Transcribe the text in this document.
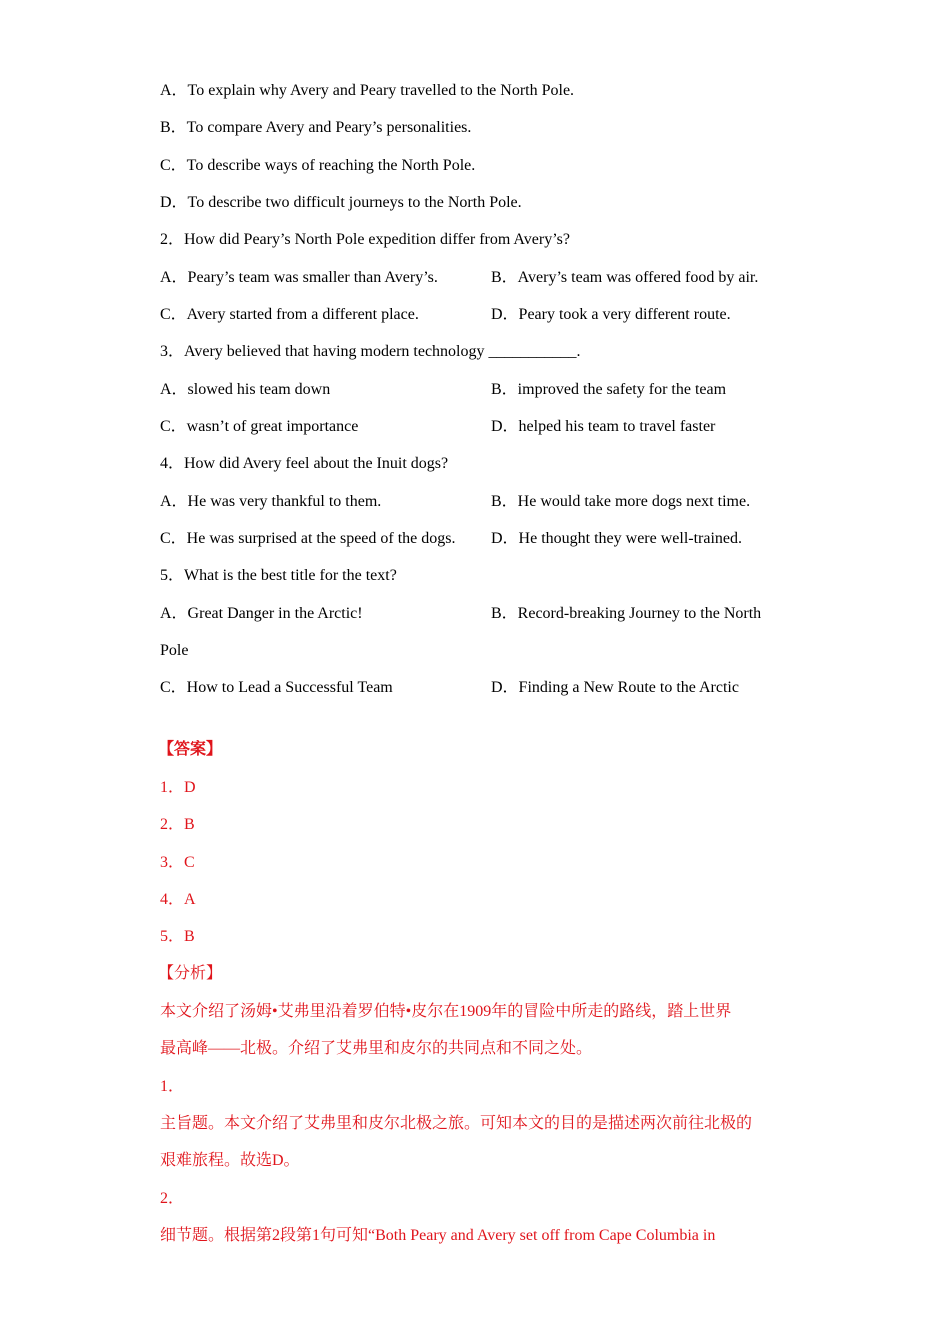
A．To explain why Avery and Peary travelled to the North Pole.
B．To compare Avery and Peary’s personalities.
C．To describe ways of reaching the North Pole.
D．To describe two difficult journeys to the North Pole.
2．How did Peary’s North Pole expedition differ from Avery’s?
A．Peary’s team was smaller than Avery’s.	B．Avery’s team was offered food by air.
C．Avery started from a different place.	D．Peary took a very different route.
3．Avery believed that having modern technology ___________.
A．slowed his team down	B．improved the safety for the team
C．wasn’t of great importance	D．helped his team to travel faster
4．How did Avery feel about the Inuit dogs?
A．He was very thankful to them.	B．He would take more dogs next time.
C．He was surprised at the speed of the dogs. D．He thought they were well-trained.
5．What is the best title for the text?
A．Great Danger in the Arctic!	B．Record-breaking Journey to the North
Pole
C．How to Lead a Successful Team	D．Finding a New Route to the Arctic
【答案】
1．D
2．B
3．C
4．A
5．B
【分析】
本文介绍了汤姆•艾弗里沿着罗伯特•皮尔在1909年的冒险中所走的路线，踏上世界
最高峰——北极。介绍了艾弗里和皮尔的共同点和不同之处。
1．
主旨题。本文介绍了艾弗里和皮尔北极之旅。可知本文的目的是描述两次前往北极的
艰难旅程。故选D。
2．
细节题。根据第2段第1句可知“Both Peary and Avery set off from Cape Columbia in
